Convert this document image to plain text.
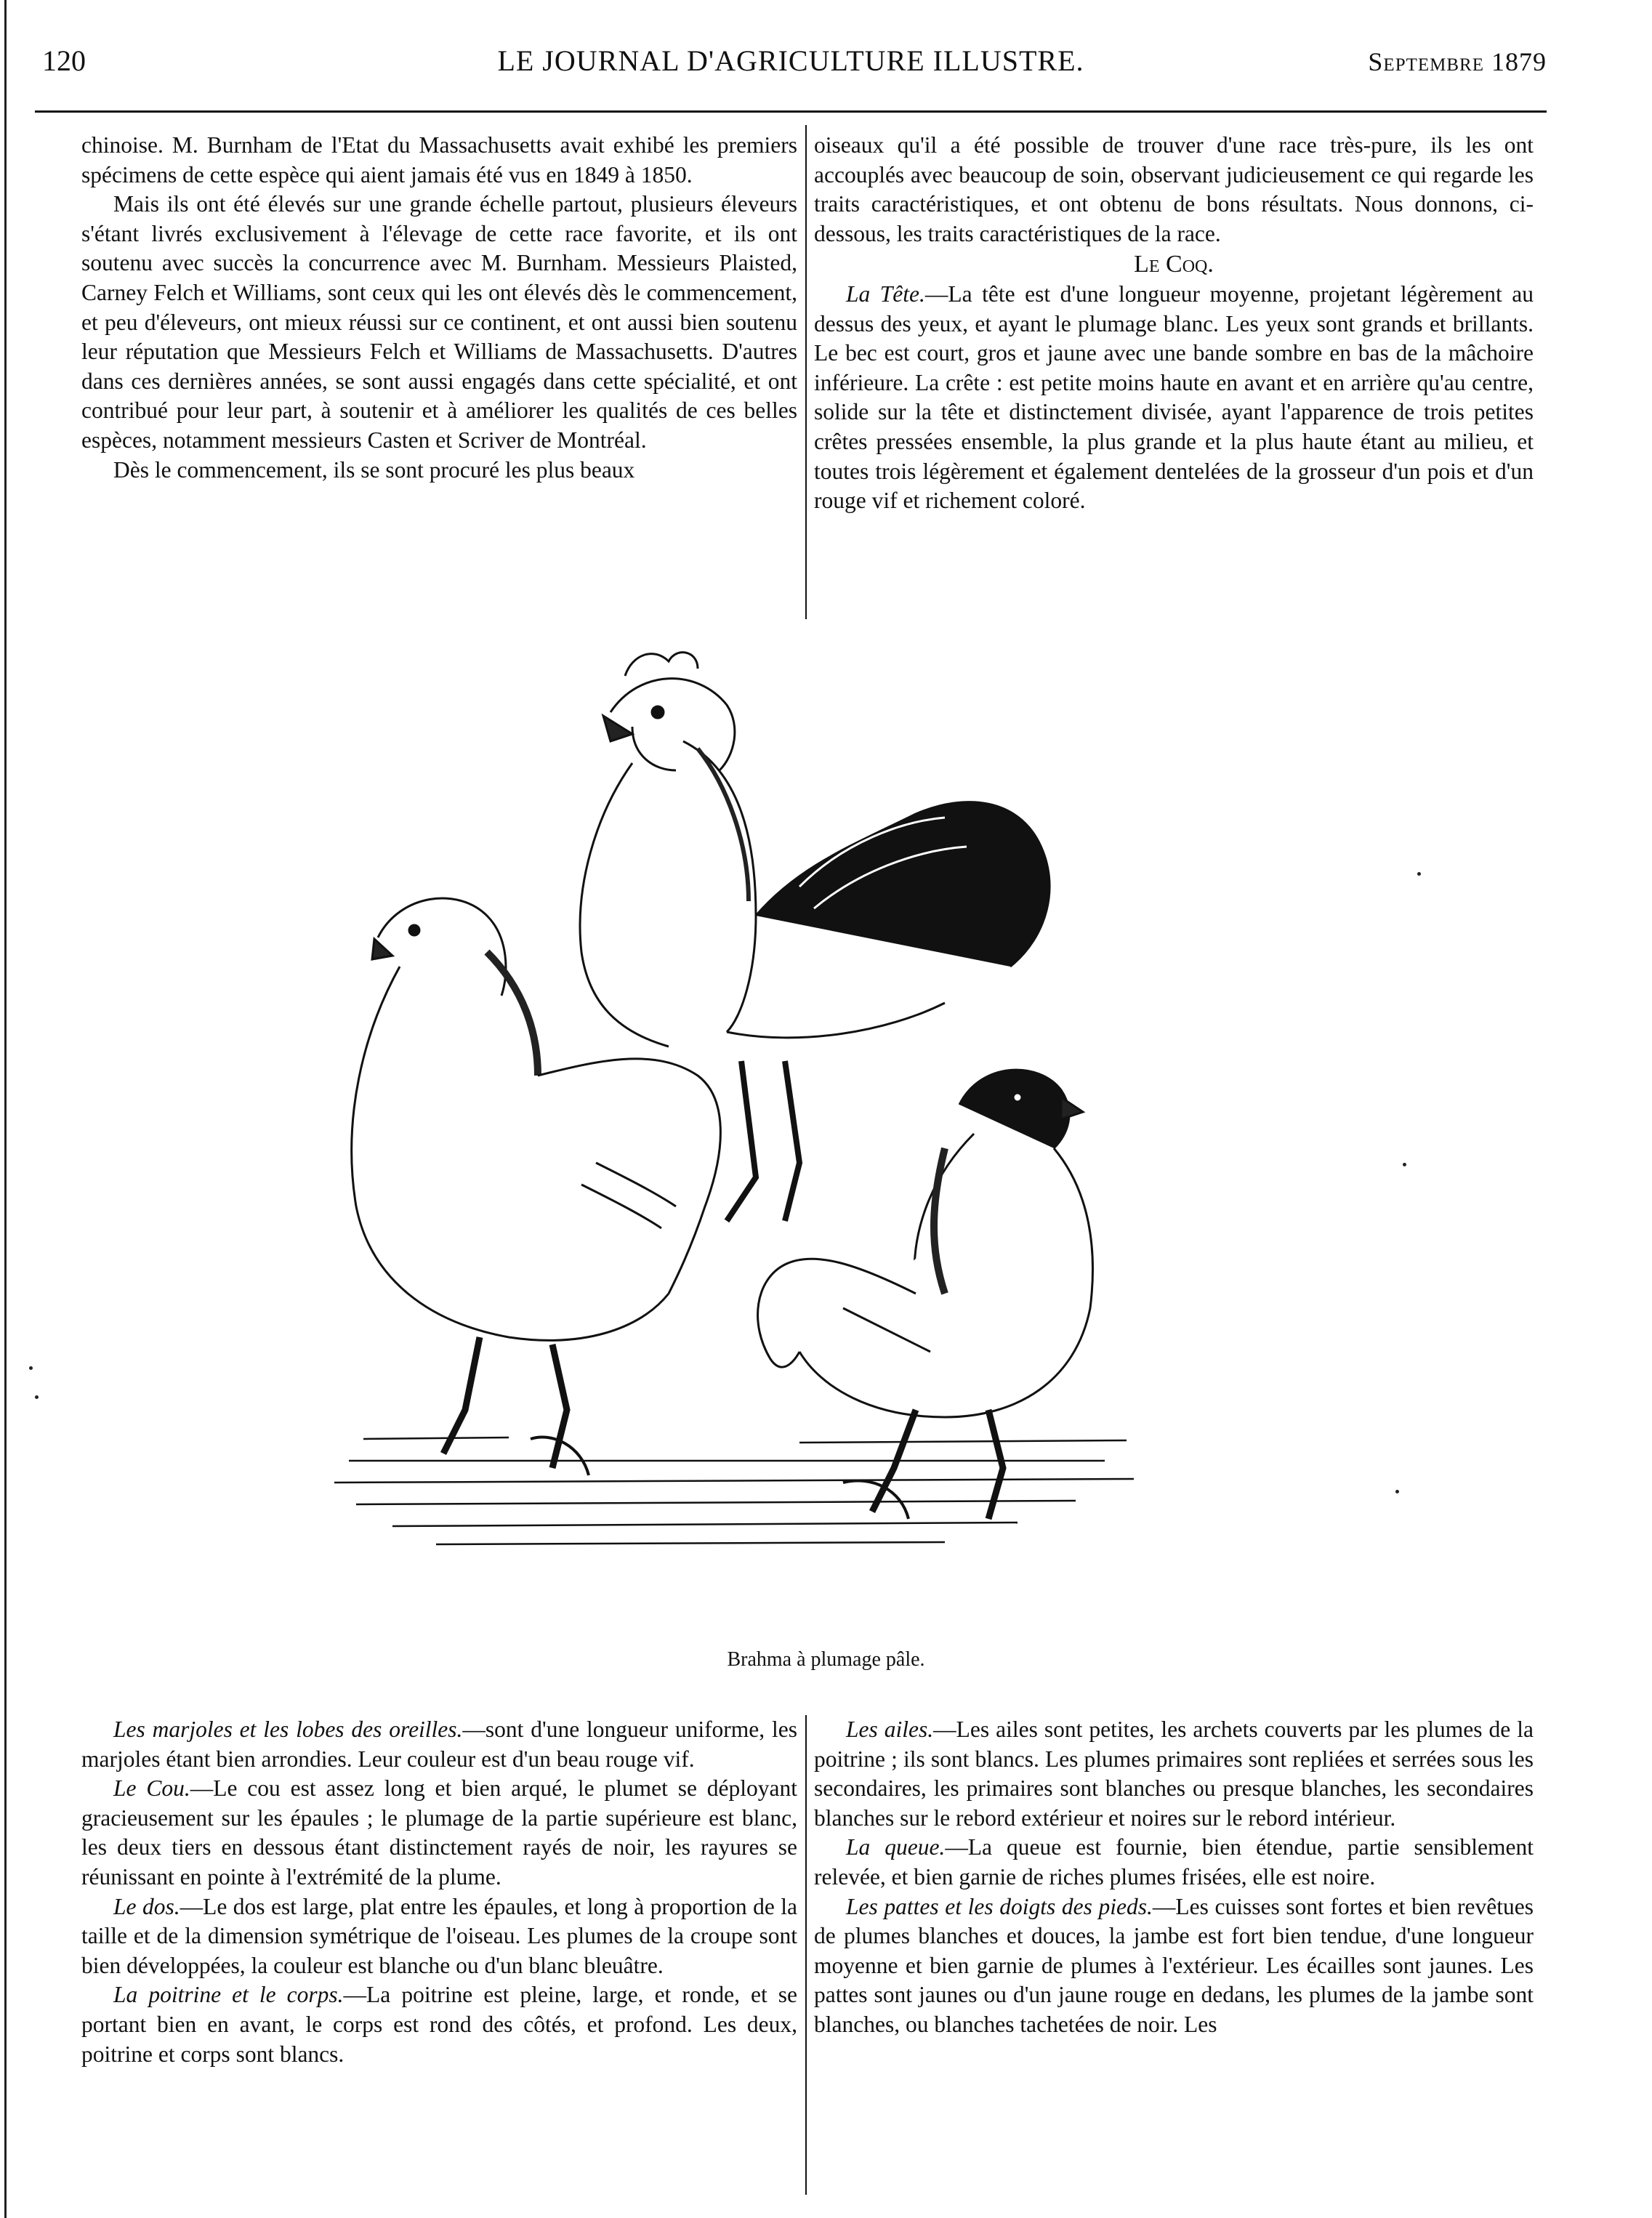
120	LE JOURNAL D'AGRICULTURE ILLUSTRE.	Septembre 1879

chinoise. M. Burnham de l'Etat du Massachusetts avait exhibé les premiers spécimens de cette espèce qui aient jamais été vus en 1849 à 1850.

Mais ils ont été élevés sur une grande échelle partout, plusieurs éleveurs s'étant livrés exclusivement à l'élevage de cette race favorite, et ils ont soutenu avec succès la concurrence avec M. Burnham. Messieurs Plaisted, Carney Felch et Williams, sont ceux qui les ont élevés dès le commencement, et peu d'éleveurs, ont mieux réussi sur ce continent, et ont aussi bien soutenu leur réputation que Messieurs Felch et Williams de Massachusetts. D'autres dans ces dernières années, se sont aussi engagés dans cette spécialité, et ont contribué pour leur part, à soutenir et à améliorer les qualités de ces belles espèces, notamment messieurs Casten et Scriver de Montréal.

Dès le commencement, ils se sont procuré les plus beaux

oiseaux qu'il a été possible de trouver d'une race très-pure, ils les ont accouplés avec beaucoup de soin, observant judicieusement ce qui regarde les traits caractéristiques, et ont obtenu de bons résultats. Nous donnons, ci-dessous, les traits caractéristiques de la race.

Le Coq.

La Tête.—La tête est d'une longueur moyenne, projetant légèrement au dessus des yeux, et ayant le plumage blanc. Les yeux sont grands et brillants. Le bec est court, gros et jaune avec une bande sombre en bas de la mâchoire inférieure. La crête : est petite moins haute en avant et en arrière qu'au centre, solide sur la tête et distinctement divisée, ayant l'apparence de trois petites crêtes pressées ensemble, la plus grande et la plus haute étant au milieu, et toutes trois légèrement et également dentelées de la grosseur d'un pois et d'un rouge vif et richement coloré.

Brahma à plumage pâle.

Les marjoles et les lobes des oreilles.—sont d'une longueur uniforme, les marjoles étant bien arrondies. Leur couleur est d'un beau rouge vif.

Le Cou.—Le cou est assez long et bien arqué, le plumet se déployant gracieusement sur les épaules ; le plumage de la partie supérieure est blanc, les deux tiers en dessous étant distinctement rayés de noir, les rayures se réunissant en pointe à l'extrémité de la plume.

Le dos.—Le dos est large, plat entre les épaules, et long à proportion de la taille et de la dimension symétrique de l'oiseau. Les plumes de la croupe sont bien développées, la couleur est blanche ou d'un blanc bleuâtre.

La poitrine et le corps.—La poitrine est pleine, large, et ronde, et se portant bien en avant, le corps est rond des côtés, et profond. Les deux, poitrine et corps sont blancs.

Les ailes.—Les ailes sont petites, les archets couverts par les plumes de la poitrine ; ils sont blancs. Les plumes primaires sont repliées et serrées sous les secondaires, les primaires sont blanches ou presque blanches, les secondaires blanches sur le rebord extérieur et noires sur le rebord intérieur.

La queue.—La queue est fournie, bien étendue, partie sensiblement relevée, et bien garnie de riches plumes frisées, elle est noire.

Les pattes et les doigts des pieds.—Les cuisses sont fortes et bien revêtues de plumes blanches et douces, la jambe est fort bien tendue, d'une longueur moyenne et bien garnie de plumes à l'extérieur. Les écailles sont jaunes. Les pattes sont jaunes ou d'un jaune rouge en dedans, les plumes de la jambe sont blanches, ou blanches tachetées de noir. Les
